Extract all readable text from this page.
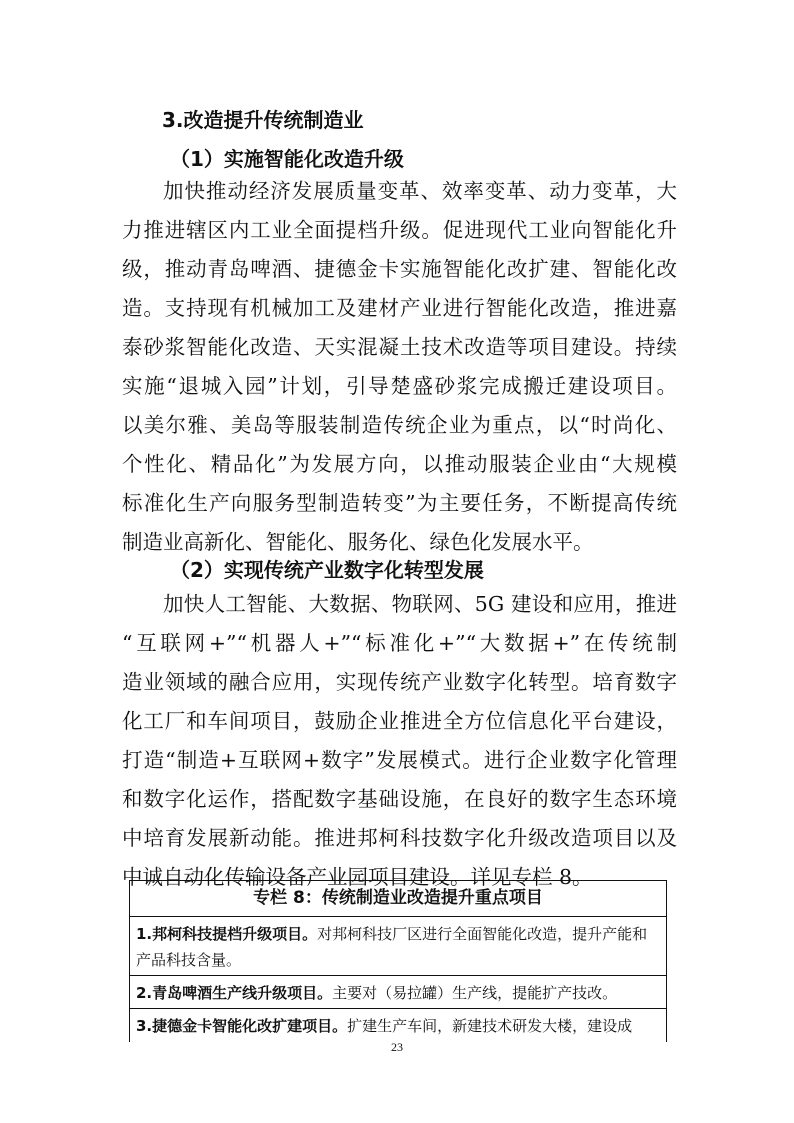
3.改造提升传统制造业
（1）实施智能化改造升级
加快推动经济发展质量变革、效率变革、动力变革，大
力推进辖区内工业全面提档升级。促进现代工业向智能化升
级，推动青岛啤酒、捷德金卡实施智能化改扩建、智能化改
造。支持现有机械加工及建材产业进行智能化改造，推进嘉
泰砂浆智能化改造、天实混凝土技术改造等项目建设。持续
实施“退城入园”计划，引导楚盛砂浆完成搬迁建设项目。
以美尔雅、美岛等服装制造传统企业为重点，以“时尚化、
个性化、精品化”为发展方向，以推动服装企业由“大规模
标准化生产向服务型制造转变”为主要任务，不断提高传统
制造业高新化、智能化、服务化、绿色化发展水平。
（2）实现传统产业数字化转型发展
加快人工智能、大数据、物联网、5G 建设和应用，推进
“互联网+”“机器人+”“标准化+”“大数据+”在传统制
造业领域的融合应用，实现传统产业数字化转型。培育数字
化工厂和车间项目，鼓励企业推进全方位信息化平台建设，
打造“制造+互联网+数字”发展模式。进行企业数字化管理
和数字化运作，搭配数字基础设施，在良好的数字生态环境
中培育发展新动能。推进邦柯科技数字化升级改造项目以及
中诚自动化传输设备产业园项目建设。详见专栏 8。
专栏 8：传统制造业改造提升重点项目
1.邦柯科技提档升级项目。对邦柯科技厂区进行全面智能化改造，提升产能和产品科技含量。
2.青岛啤酒生产线升级项目。主要对（易拉罐）生产线，提能扩产技改。
3.捷德金卡智能化改扩建项目。扩建生产车间，新建技术研发大楼，建设成
23
